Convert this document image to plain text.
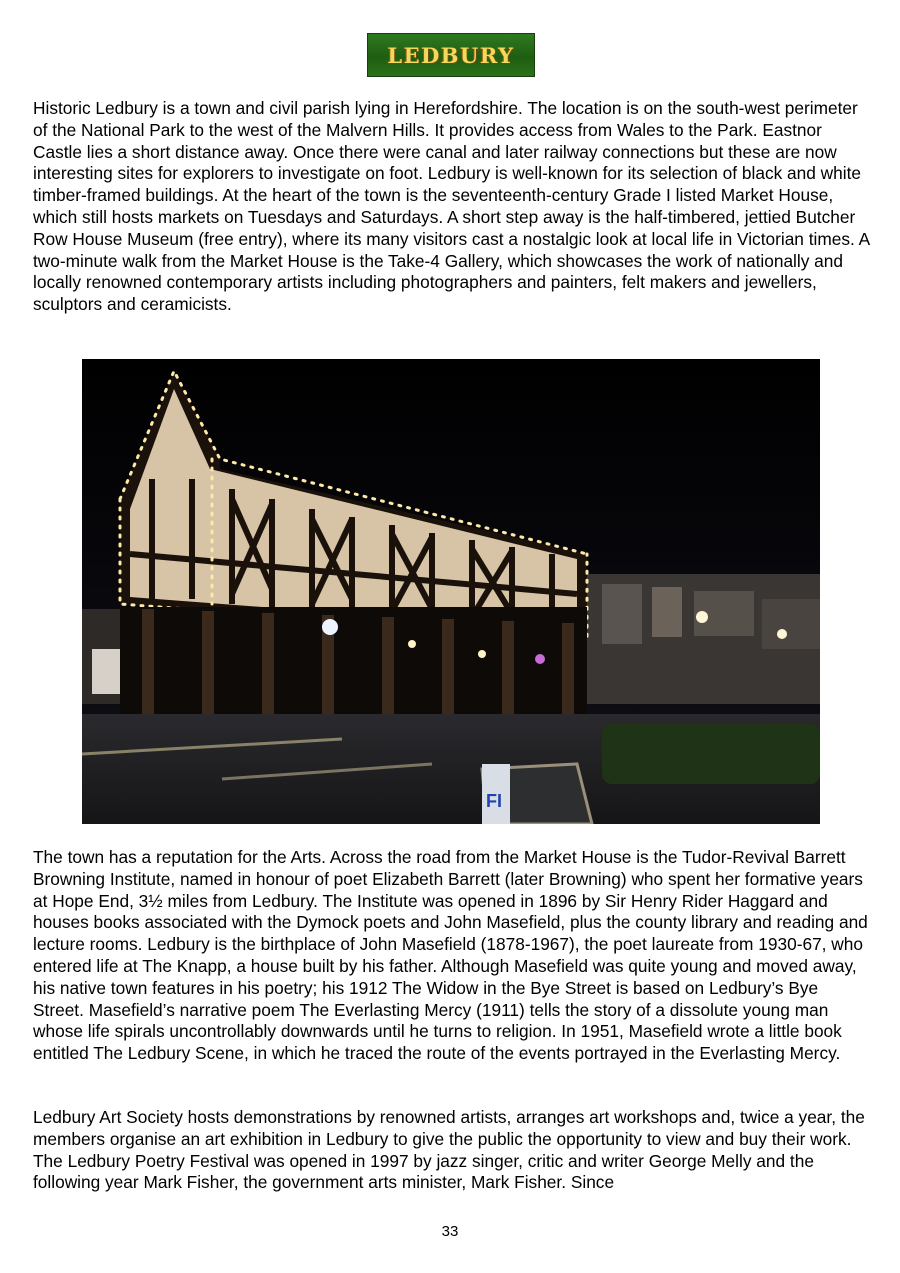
LEDBURY

Historic Ledbury is a town and civil parish lying in Herefordshire. The location is on the south-west perimeter of the National Park to the west of the Malvern Hills. It provides access from Wales to the Park. Eastnor Castle lies a short distance away. Once there were canal and later railway connections but these are now interesting sites for explorers to investigate on foot. Ledbury is well-known for its selection of black and white timber-framed buildings. At the heart of the town is the seventeenth-century Grade I listed Market House, which still hosts markets on Tuesdays and Saturdays. A short step away is the half-timbered, jettied Butcher Row House Museum (free entry), where its many visitors cast a nostalgic look at local life in Victorian times. A two-minute walk from the Market House is the Take-4 Gallery, which showcases the work of nationally and locally renowned contemporary artists including photographers and painters, felt makers and jewellers, sculptors and ceramicists.

FI

The town has a reputation for the Arts. Across the road from the Market House is the Tudor-Revival Barrett Browning Institute, named in honour of poet Elizabeth Barrett (later Browning) who spent her formative years at Hope End, 3½ miles from Ledbury. The Institute was opened in 1896 by Sir Henry Rider Haggard and houses books associated with the Dymock poets and John Masefield, plus the county library and reading and lecture rooms. Ledbury is the birthplace of John Masefield (1878-1967), the poet laureate from 1930-67, who entered life at The Knapp, a house built by his father. Although Masefield was quite young and moved away, his native town features in his poetry; his 1912 The Widow in the Bye Street is based on Ledbury’s Bye Street. Masefield’s narrative poem The Everlasting Mercy (1911) tells the story of a dissolute young man whose life spirals uncontrollably downwards until he turns to religion. In 1951, Masefield wrote a little book entitled The Ledbury Scene, in which he traced the route of the events portrayed in the Everlasting Mercy.

Ledbury Art Society hosts demonstrations by renowned artists, arranges art workshops and, twice a year, the members organise an art exhibition in Ledbury to give the public the opportunity to view and buy their work. The Ledbury Poetry Festival was opened in 1997 by jazz singer, critic and writer George Melly and the following year Mark Fisher, the government arts minister, Mark Fisher. Since

33
